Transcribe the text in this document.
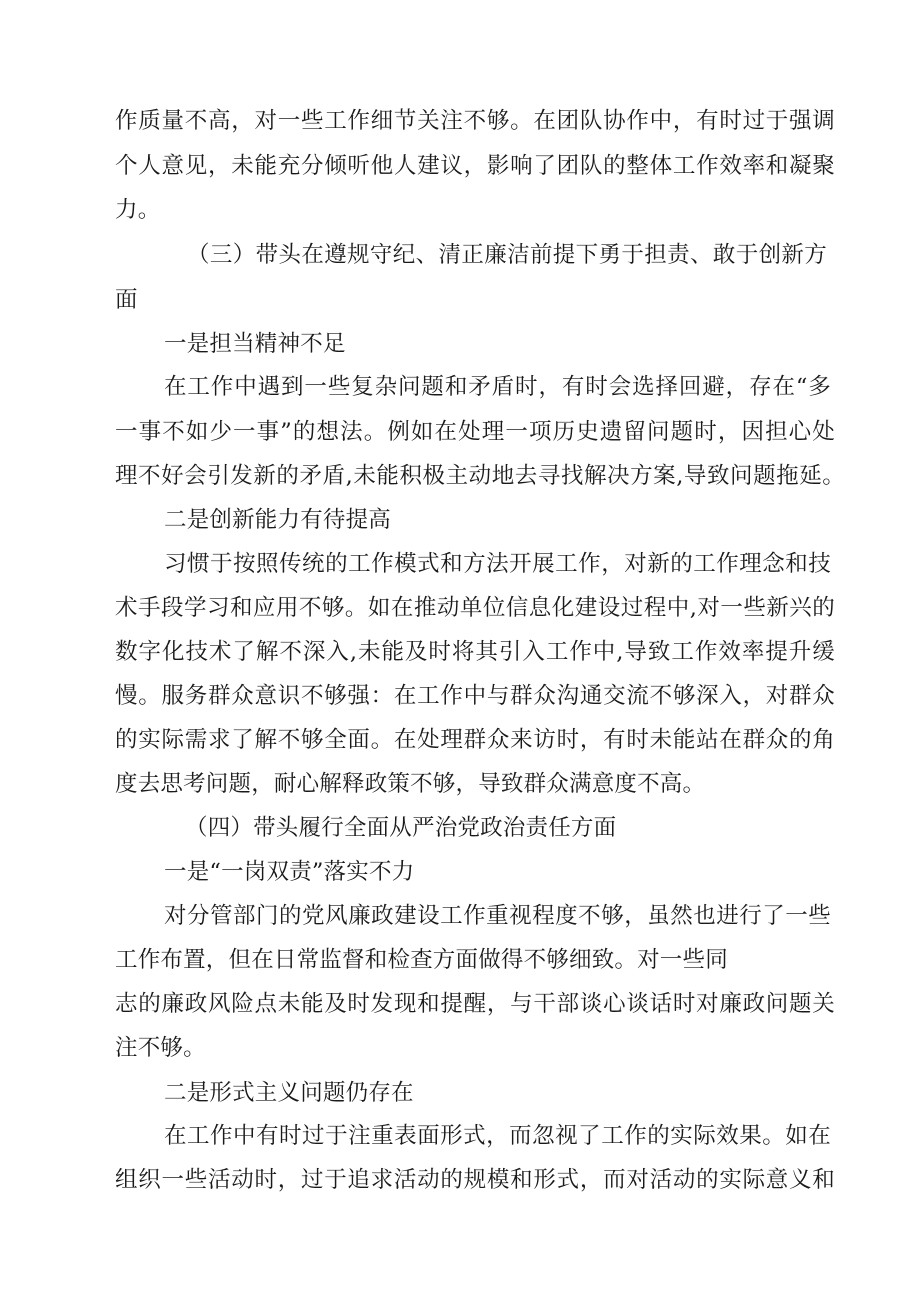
作质量不高，对一些工作细节关注不够。在团队协作中，有时过于强调
个人意见，未能充分倾听他人建议，影响了团队的整体工作效率和凝聚
力。
（三）带头在遵规守纪、清正廉洁前提下勇于担责、敢于创新方
面
一是担当精神不足
在工作中遇到一些复杂问题和矛盾时，有时会选择回避，存在“多
一事不如少一事”的想法。例如在处理一项历史遗留问题时，因担心处
理不好会引发新的矛盾,未能积极主动地去寻找解决方案,导致问题拖延。
二是创新能力有待提高
习惯于按照传统的工作模式和方法开展工作，对新的工作理念和技
术手段学习和应用不够。如在推动单位信息化建设过程中,对一些新兴的
数字化技术了解不深入,未能及时将其引入工作中,导致工作效率提升缓
慢。服务群众意识不够强：在工作中与群众沟通交流不够深入，对群众
的实际需求了解不够全面。在处理群众来访时，有时未能站在群众的角
度去思考问题，耐心解释政策不够，导致群众满意度不高。
（四）带头履行全面从严治党政治责任方面
一是“一岗双责”落实不力
对分管部门的党风廉政建设工作重视程度不够，虽然也进行了一些
工作布置，但在日常监督和检查方面做得不够细致。对一些同
志的廉政风险点未能及时发现和提醒，与干部谈心谈话时对廉政问题关
注不够。
二是形式主义问题仍存在
在工作中有时过于注重表面形式，而忽视了工作的实际效果。如在
组织一些活动时，过于追求活动的规模和形式，而对活动的实际意义和
